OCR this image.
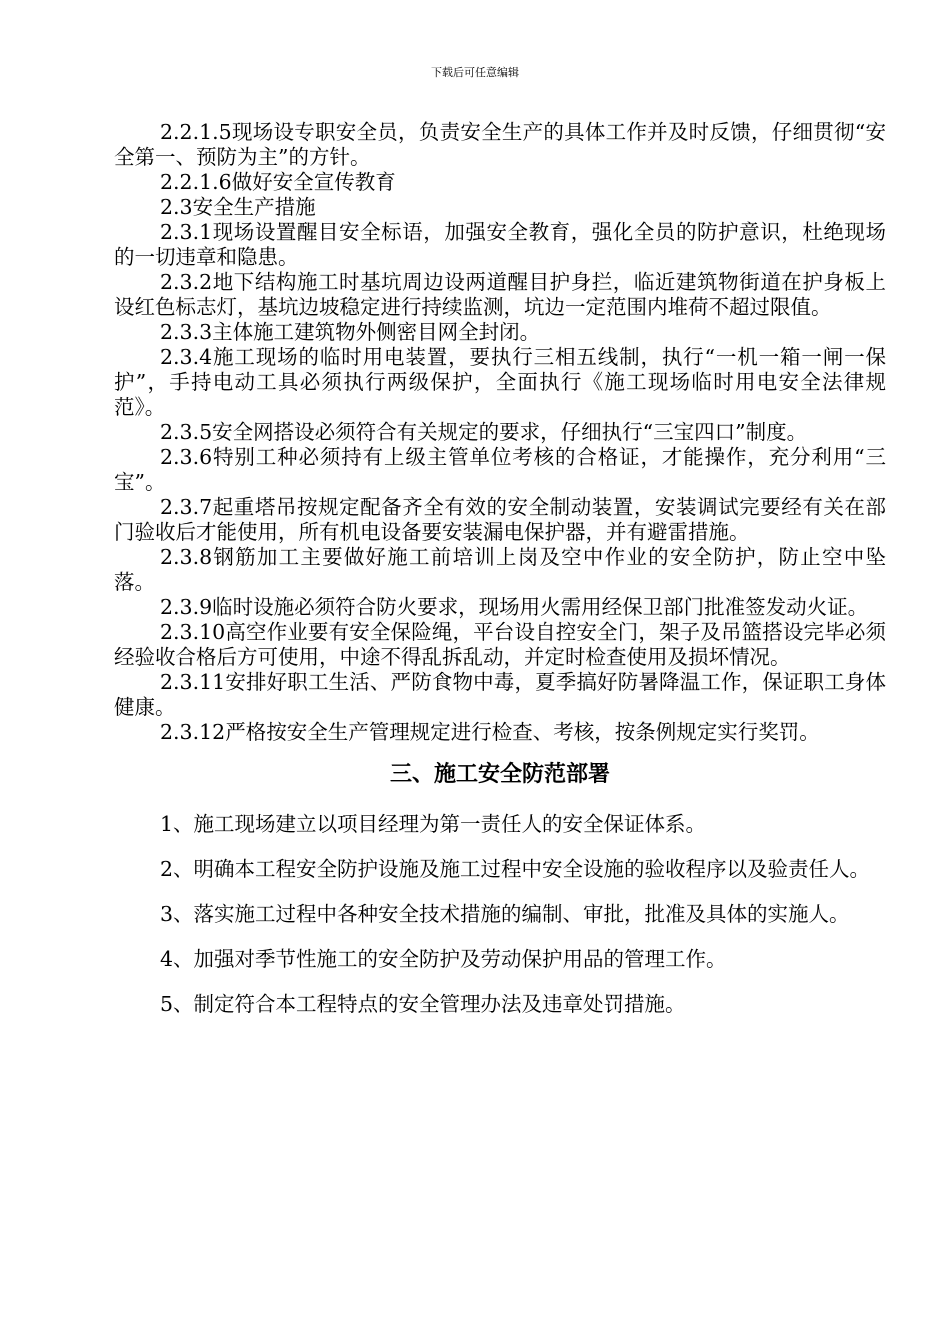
下载后可任意编辑

2.2.1.5现场设专职安全员，负责安全生产的具体工作并及时反馈，仔细贯彻“安全第一、预防为主”的方针。

2.2.1.6做好安全宣传教育

2.3安全生产措施

2.3.1现场设置醒目安全标语，加强安全教育，强化全员的防护意识，杜绝现场的一切违章和隐患。

2.3.2地下结构施工时基坑周边设两道醒目护身拦，临近建筑物街道在护身板上设红色标志灯，基坑边坡稳定进行持续监测，坑边一定范围内堆荷不超过限值。

2.3.3主体施工建筑物外侧密目网全封闭。

2.3.4施工现场的临时用电装置，要执行三相五线制，执行“一机一箱一闸一保护”，手持电动工具必须执行两级保护，全面执行《施工现场临时用电安全法律规范》。

2.3.5安全网搭设必须符合有关规定的要求，仔细执行“三宝四口”制度。

2.3.6特别工种必须持有上级主管单位考核的合格证，才能操作，充分利用“三宝”。

2.3.7起重塔吊按规定配备齐全有效的安全制动装置，安装调试完要经有关在部门验收后才能使用，所有机电设备要安装漏电保护器，并有避雷措施。

2.3.8钢筋加工主要做好施工前培训上岗及空中作业的安全防护，防止空中坠落。

2.3.9临时设施必须符合防火要求，现场用火需用经保卫部门批准签发动火证。

2.3.10高空作业要有安全保险绳，平台设自控安全门，架子及吊篮搭设完毕必须经验收合格后方可使用，中途不得乱拆乱动，并定时检查使用及损坏情况。

2.3.11安排好职工生活、严防食物中毒，夏季搞好防暑降温工作，保证职工身体健康。

2.3.12严格按安全生产管理规定进行检查、考核，按条例规定实行奖罚。

三、施工安全防范部署

1、施工现场建立以项目经理为第一责任人的安全保证体系。

2、明确本工程安全防护设施及施工过程中安全设施的验收程序以及验责任人。

3、落实施工过程中各种安全技术措施的编制、审批，批准及具体的实施人。

4、加强对季节性施工的安全防护及劳动保护用品的管理工作。

5、制定符合本工程特点的安全管理办法及违章处罚措施。
